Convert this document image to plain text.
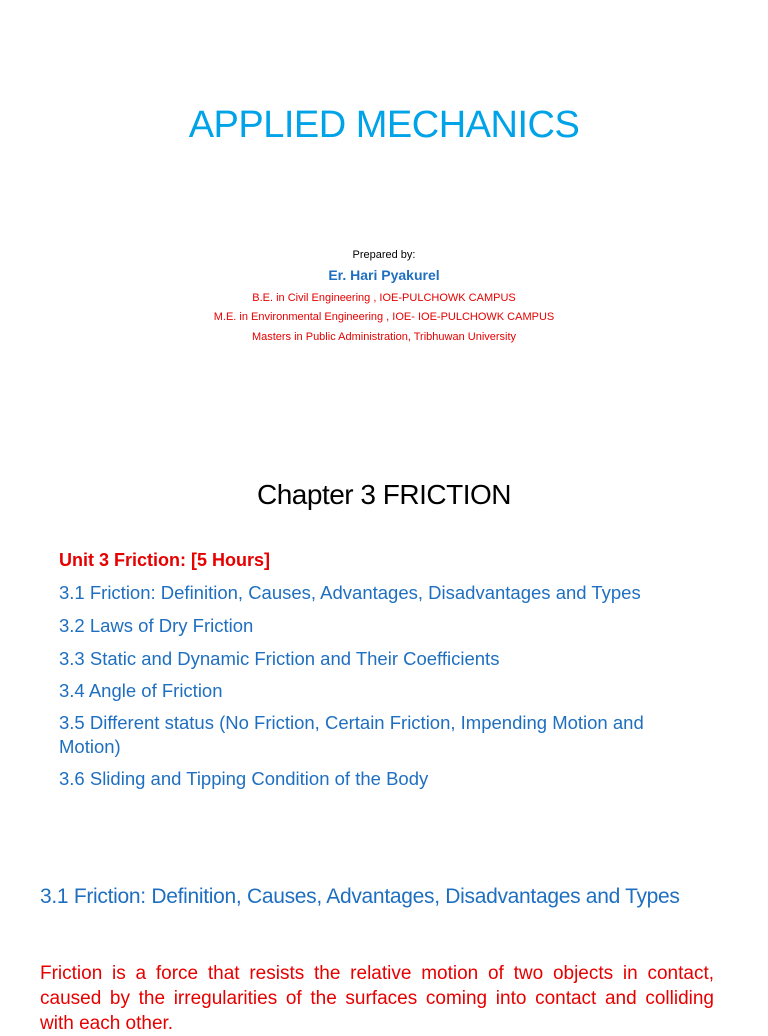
APPLIED MECHANICS
Prepared by:
Er. Hari Pyakurel
B.E. in Civil Engineering , IOE-PULCHOWK CAMPUS
M.E. in Environmental Engineering , IOE- IOE-PULCHOWK CAMPUS
Masters in Public Administration, Tribhuwan University
Chapter 3 FRICTION
Unit 3 Friction: [5 Hours]
3.1 Friction: Definition, Causes, Advantages, Disadvantages and Types
3.2 Laws of Dry Friction
3.3 Static and Dynamic Friction and Their Coefficients
3.4 Angle of Friction
3.5 Different status (No Friction, Certain Friction, Impending Motion and Motion)
3.6 Sliding and Tipping Condition of the Body
3.1 Friction: Definition, Causes, Advantages, Disadvantages and Types
Friction is a force that resists the relative motion of two objects in contact, caused by the irregularities of the surfaces coming into contact and colliding with each other.
